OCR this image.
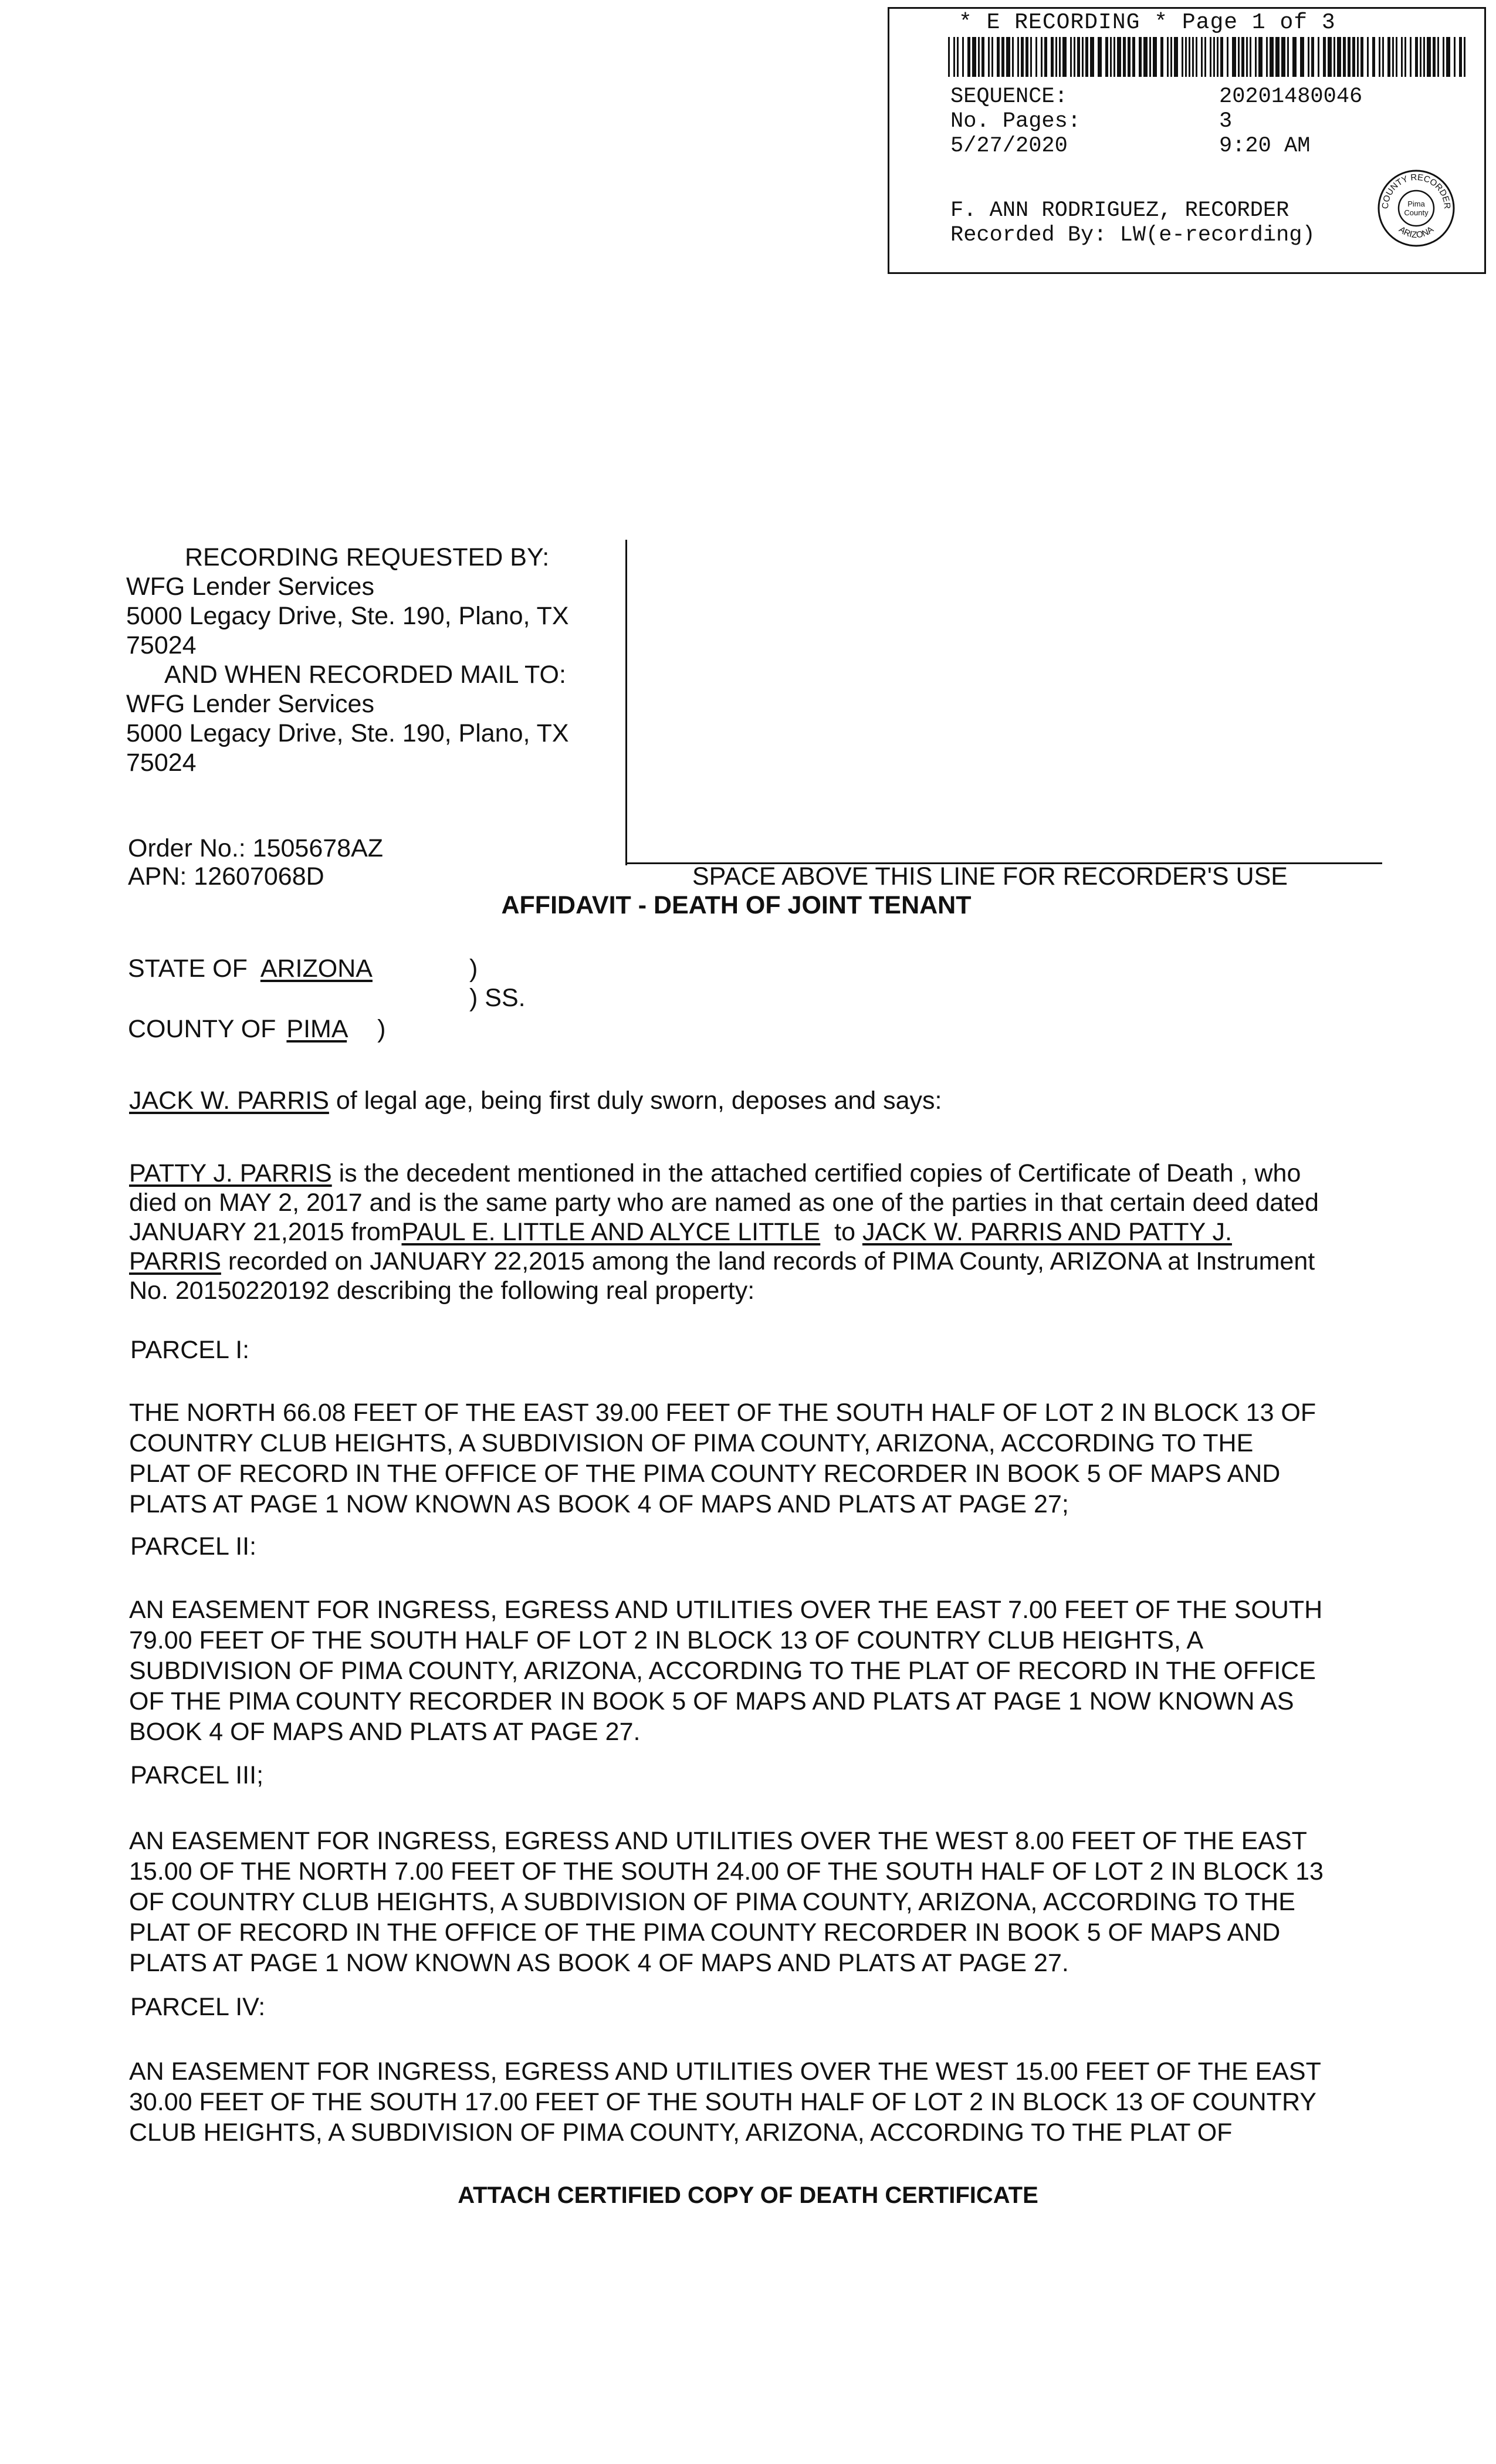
* E RECORDING * Page 1 of 3
SEQUENCE:	20201480046
No. Pages:	3
5/27/2020	9:20 AM
F. ANN RODRIGUEZ, RECORDER
Recorded By: LW(e-recording)
COUNTY RECORDER
ARIZONA
Pima
County
RECORDING REQUESTED BY:
WFG Lender Services
5000 Legacy Drive, Ste. 190, Plano, TX
75024
AND WHEN RECORDED MAIL TO:
WFG Lender Services
5000 Legacy Drive, Ste. 190, Plano, TX
75024
Order No.: 1505678AZ
APN: 12607068D	SPACE ABOVE THIS LINE FOR RECORDER'S USE
AFFIDAVIT - DEATH OF JOINT TENANT
STATE OF ARIZONA	)
) SS.
COUNTY OF PIMA )
JACK W. PARRIS of legal age, being first duly sworn, deposes and says:
PATTY J. PARRIS is the decedent mentioned in the attached certified copies of Certificate of Death , who
died on MAY 2, 2017 and is the same party who are named as one of the parties in that certain deed dated
JANUARY 21,2015 fromPAUL E. LITTLE AND ALYCE LITTLE  to JACK W. PARRIS AND PATTY J.
PARRIS recorded on JANUARY 22,2015 among the land records of PIMA County, ARIZONA at Instrument
No. 20150220192 describing the following real property:
PARCEL I:
THE NORTH 66.08 FEET OF THE EAST 39.00 FEET OF THE SOUTH HALF OF LOT 2 IN BLOCK 13 OF
COUNTRY CLUB HEIGHTS, A SUBDIVISION OF PIMA COUNTY, ARIZONA, ACCORDING TO THE
PLAT OF RECORD IN THE OFFICE OF THE PIMA COUNTY RECORDER IN BOOK 5 OF MAPS AND
PLATS AT PAGE 1 NOW KNOWN AS BOOK 4 OF MAPS AND PLATS AT PAGE 27;
PARCEL II:
AN EASEMENT FOR INGRESS, EGRESS AND UTILITIES OVER THE EAST 7.00 FEET OF THE SOUTH
79.00 FEET OF THE SOUTH HALF OF LOT 2 IN BLOCK 13 OF COUNTRY CLUB HEIGHTS, A
SUBDIVISION OF PIMA COUNTY, ARIZONA, ACCORDING TO THE PLAT OF RECORD IN THE OFFICE
OF THE PIMA COUNTY RECORDER IN BOOK 5 OF MAPS AND PLATS AT PAGE 1 NOW KNOWN AS
BOOK 4 OF MAPS AND PLATS AT PAGE 27.
PARCEL III;
AN EASEMENT FOR INGRESS, EGRESS AND UTILITIES OVER THE WEST 8.00 FEET OF THE EAST
15.00 OF THE NORTH 7.00 FEET OF THE SOUTH 24.00 OF THE SOUTH HALF OF LOT 2 IN BLOCK 13
OF COUNTRY CLUB HEIGHTS, A SUBDIVISION OF PIMA COUNTY, ARIZONA, ACCORDING TO THE
PLAT OF RECORD IN THE OFFICE OF THE PIMA COUNTY RECORDER IN BOOK 5 OF MAPS AND
PLATS AT PAGE 1 NOW KNOWN AS BOOK 4 OF MAPS AND PLATS AT PAGE 27.
PARCEL IV:
AN EASEMENT FOR INGRESS, EGRESS AND UTILITIES OVER THE WEST 15.00 FEET OF THE EAST
30.00 FEET OF THE SOUTH 17.00 FEET OF THE SOUTH HALF OF LOT 2 IN BLOCK 13 OF COUNTRY
CLUB HEIGHTS, A SUBDIVISION OF PIMA COUNTY, ARIZONA, ACCORDING TO THE PLAT OF
ATTACH CERTIFIED COPY OF DEATH CERTIFICATE
